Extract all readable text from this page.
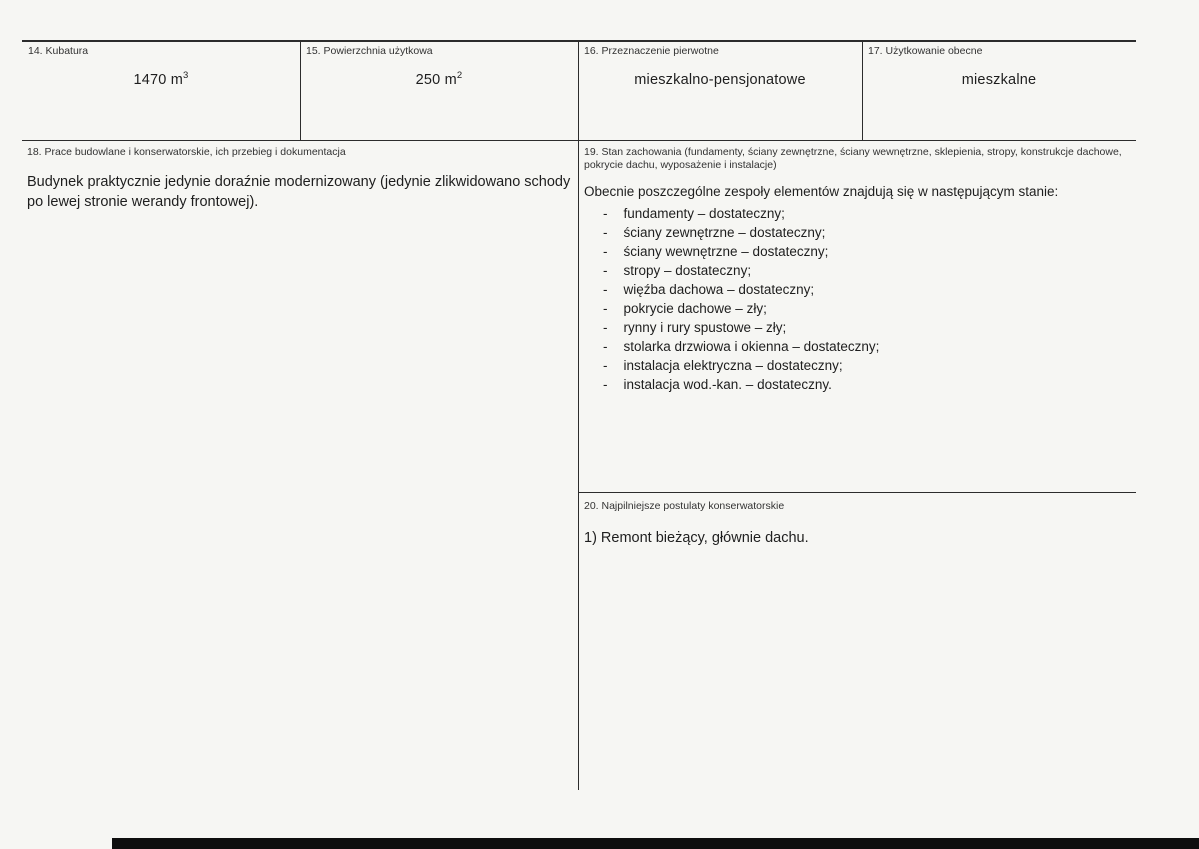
14. Kubatura
1470 $m^3$
15. Powierzchnia użytkowa
250 $m^2$
16. Przeznaczenie pierwotne
mieszkalno-pensjonatowe
17. Użytkowanie obecne
mieszkalne
18. Prace budowlane i konserwatorskie, ich przebieg i dokumentacja
Budynek praktycznie jedynie doraźnie modernizowany (jedynie zlikwidowano schody po lewej stronie werandy frontowej).
19. Stan zachowania (fundamenty, ściany zewnętrzne, ściany wewnętrzne, sklepienia, stropy, konstrukcje dachowe, pokrycie dachu, wyposażenie i instalacje)
Obecnie poszczególne zespoły elementów znajdują się w następującym stanie:
- fundamenty – dostateczny;
- ściany zewnętrzne – dostateczny;
- ściany wewnętrzne – dostateczny;
- stropy – dostateczny;
- więźba dachowa – dostateczny;
- pokrycie dachowe – zły;
- rynny i rury spustowe – zły;
- stolarka drzwiowa i okienna – dostateczny;
- instalacja elektryczna – dostateczny;
- instalacja wod.-kan. – dostateczny.
20. Najpilniejsze postulaty konserwatorskie
1) Remont bieżący, głównie dachu.
